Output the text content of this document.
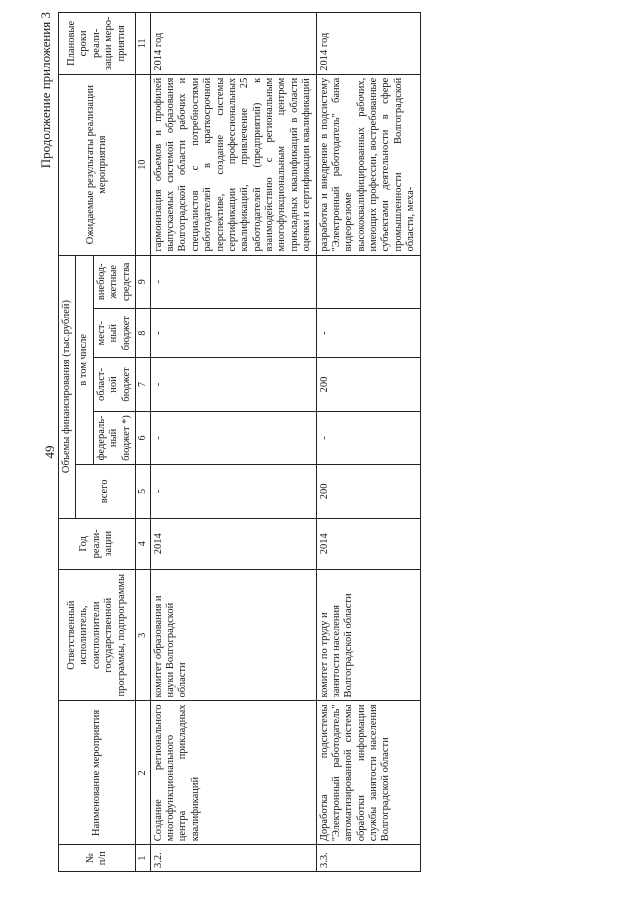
49
Продолжение приложения 3
№ п/п	Наименование мероприятия	Ответственный исполнитель, соисполнители государственной программы, подпрограммы	Год реали-зации	Объемы финансирования (тыс.рублей)					Ожидаемые результаты реализации мероприятия	Плановые сроки реали-зации меро-приятия
				всего	в том числе					
					федераль-ный бюджет *)	област-ной бюджет	мест-ный бюджет	внебюд-жетные средства		
1	2	3	4	5	6	7	8	9	10	11
3.2.	Создание регионального многофункционального центра прикладных квалификаций	комитет образования и науки Волгоградской области	2014	-	-	-	-	-	гармонизация объемов и профилей выпускаемых системой образования Волгоградской области рабочих и специалистов с потребностями работодателей в краткосрочной перспективе, создание системы сертификации профессиональных квалификаций, привлечение 25 работодателей (предприятий) к взаимодействию с региональным многофункциональным центром прикладных квалификаций в области оценки и сертификации квалификаций	2014 год
3.3.	Доработка подсистемы "Электронный работодатель" автоматизированной системы обработки информации службы занятости населения Волгоградской области	комитет по труду и занятости населения Волгоградской области	2014	200	-	200	-		разработка и внедрение в подсистему "Электронный работодатель" банка видеорезюме высококвалифицированных рабочих, имеющих профессии, востребованные субъектами деятельности в сфере промышленности Волгоградской области, меха-	2014 год
